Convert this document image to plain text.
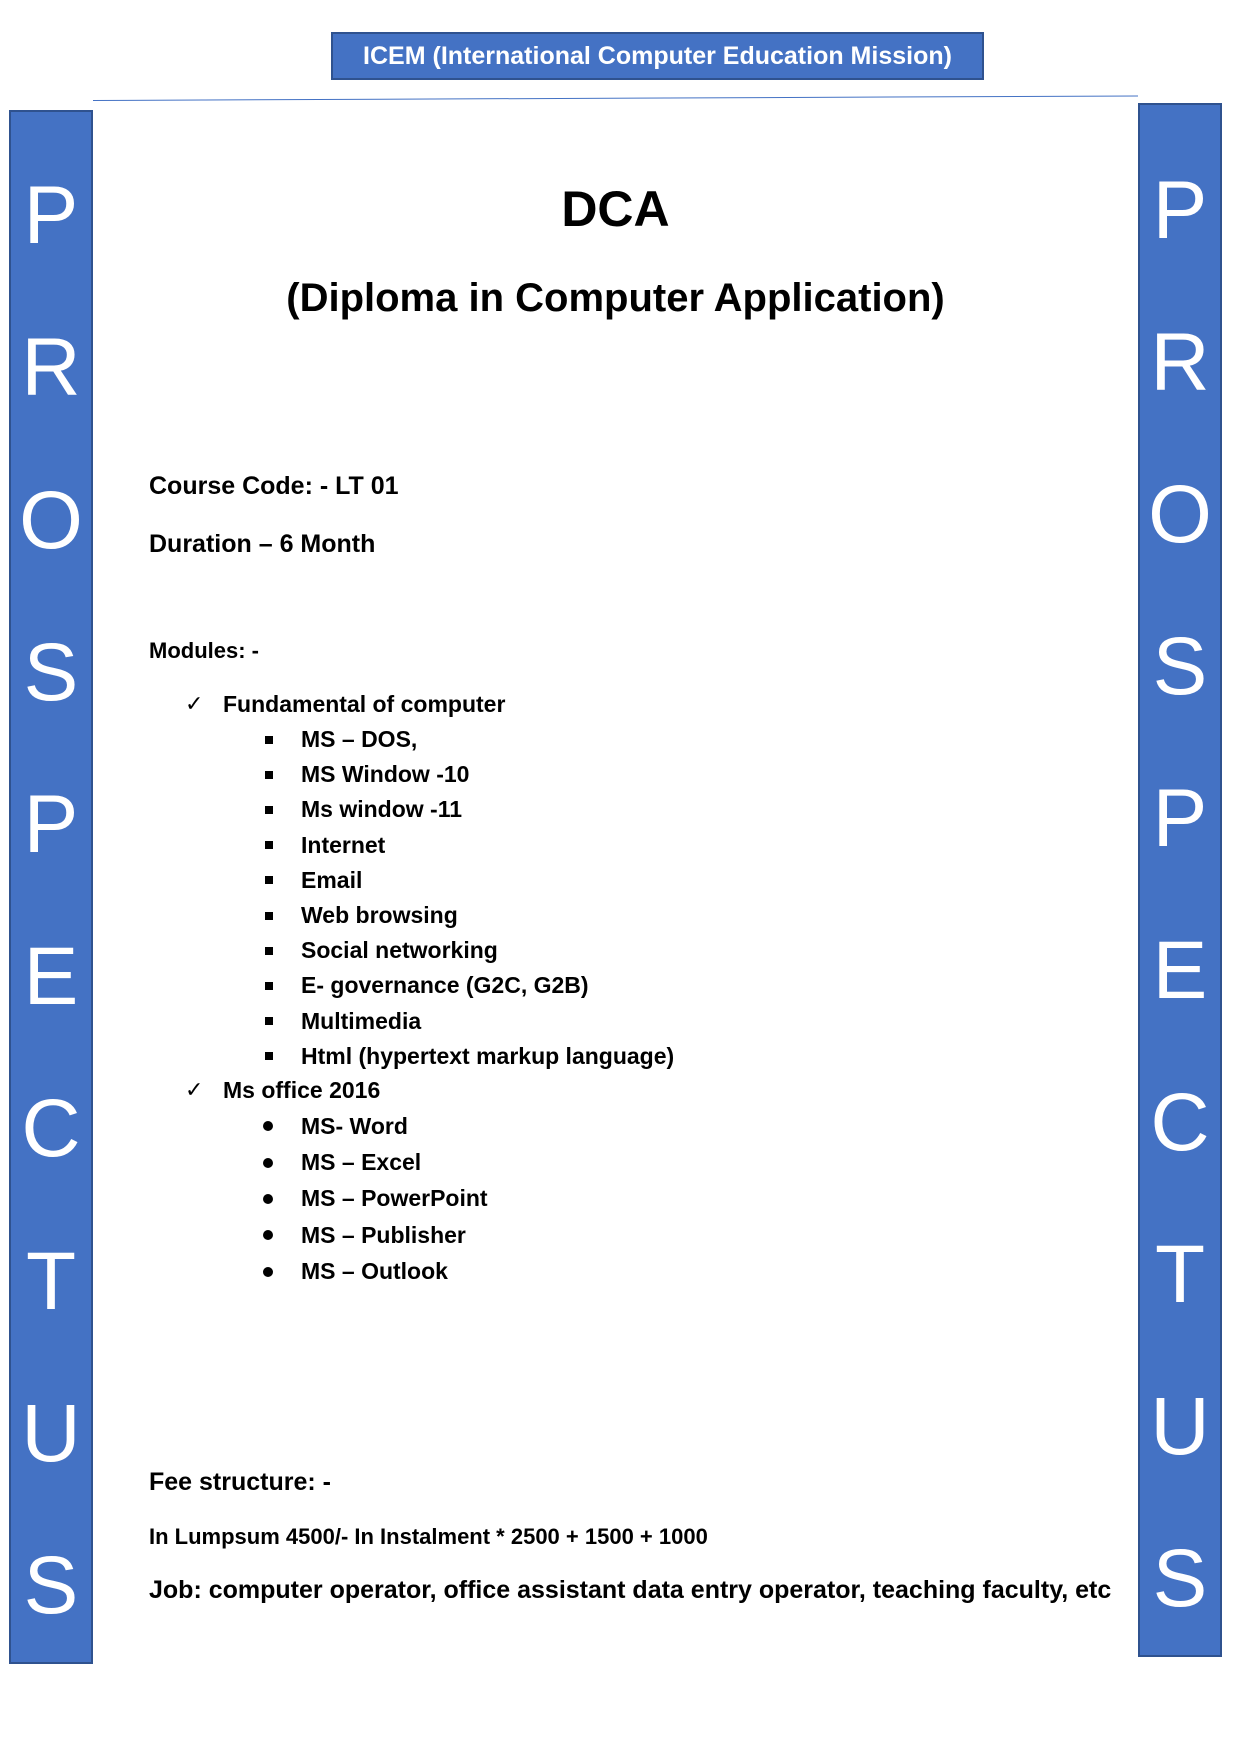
ICEM (International Computer Education Mission)
P
R
O
S
P
E
C
T
U
S
P
R
O
S
P
E
C
T
U
S
DCA
(Diploma in Computer Application)

Course Code: - LT 01

Duration – 6 Month

Modules: -
✓ Fundamental of computer
MS – DOS,
MS Window -10
Ms window -11
Internet
Email
Web browsing
Social networking
E- governance (G2C, G2B)
Multimedia
Html (hypertext markup language)
✓ Ms office 2016
MS- Word
MS – Excel
MS – PowerPoint
MS – Publisher
MS – Outlook
Fee structure: -
In Lumpsum 4500/- In Instalment * 2500 + 1500 + 1000
Job: computer operator, office assistant data entry operator, teaching faculty, etc
